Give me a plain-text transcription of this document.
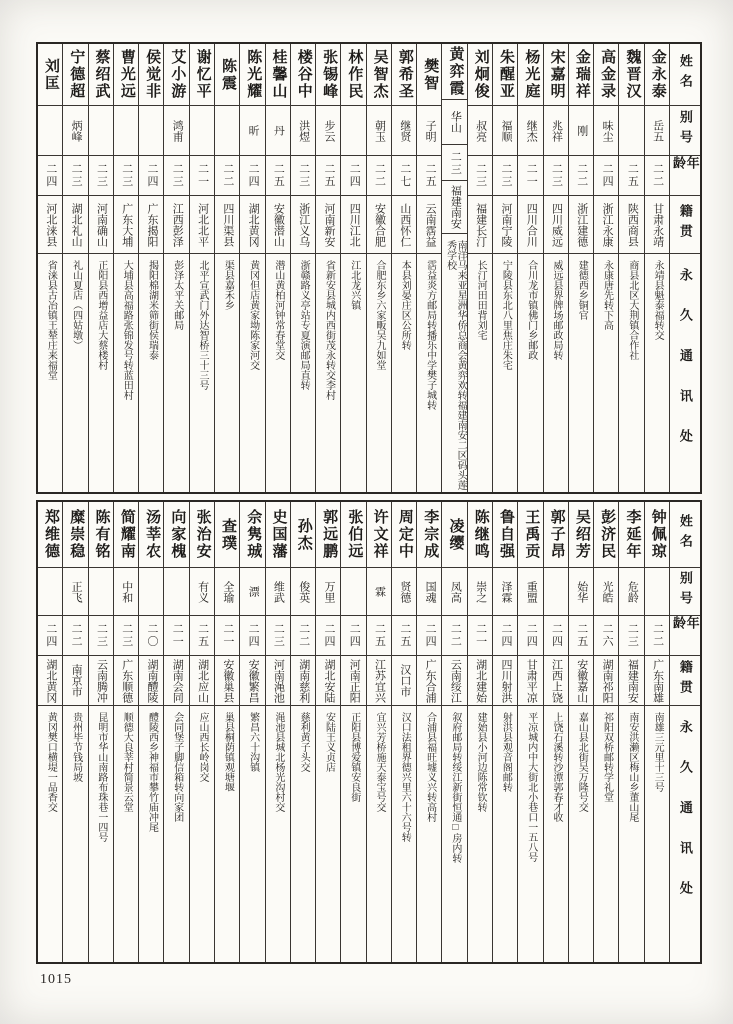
姓名
别号
年龄
籍贯
永久通讯处
金永泰
岳五
二二
甘肃永靖
永靖县魁泰福转交
魏晋汉
二五
陕西商县
商县北区大荆镇合作社
高金录
味尘
二四
浙江永康
永康唐先转下高
金瑞祥
刚
二二
浙江建德
建德西乡铜官
宋嘉明
兆祥
二三
四川威远
威远县界牌场邮政局转
杨光庭
继杰
二一
四川合川
合川龙市镇佛门乡邮政
朱醒亚
福顺
二三
河南宁陵
宁陵县东北八里焦庄朱宅
刘炯俊
叔亮
二三
福建长汀
长汀河田田背刘宅
黄弈霞
华山
二三
福建南安
南洋马来亚星洲华侨总商会黄弈欢转福建南安二区码头莲秀学校
樊智
子明
二五
云南霑益
霑益炎方邮局转播乐中学樊子城转
郭希圣
继贤
二七
山西怀仁
本县刘晏庄区公所转
吴智杰
朝玉
二二
安徽合肥
合肥东乡六家畈吴九如堂
林作民
二四
四川江北
江北龙兴镇
张锡峰
步云
二五
河南新安
省新安县城内西街茂永转交李村
楼谷中
洪煜
二三
浙江义乌
浙赣路义亭站专夏演邮局直转
桂馨山
丹
二五
安徽潜山
潜山黄柏河钟常春堂交
陈光耀
昕
二四
湖北黄冈
黄冈但店黄家坳陈家河交
陈震
二二
四川渠县
渠县嘉禾乡
谢忆平
二一
河北北平
北平宣武门外达智桥三十三号
艾小游
鸿甫
二三
江西彭泽
彭泽太平关邮局
侯觉非
二四
广东揭阳
揭阳棉湖米筛街侯瑞泰
曹光远
二三
广东大埔
大埔县高福路张锦发号转蓝田村
蔡绍武
二三
河南确山
正阳县西增益店大蔡楼村
宁德超
炳峰
二三
湖北礼山
礼山夏店（四姑墩）
刘匡
二四
河北涞县
省涞县古冶镇王辇庄来福堂
姓名
别号
年龄
籍贯
永久通讯处
钟佩琼
二二
广东南雄
南雄三元里十三号
李延年
危龄
二三
福建南安
南安洪濑区梅山乡董山尾
彭济民
光皓
二六
湖南祁阳
祁阳双桥邮转学礼堂
吴绍芳
始华
二五
安徽嘉山
嘉山县北街吴万隆号交
郭子昂
二四
江西上饶
上饶石溪转沙潭郭春才收
王禹贡
重盟
二四
甘肃平凉
平凉城内中大街北小巷口一五八号
鲁自强
泽霖
二四
四川射洪
射洪县观音阁邮转
陈继鸣
崇之
二一
湖北建始
建始县小河边陈常钦转
凌缨
凤高
二二
云南绥江
叙府邮局转绥江新街恒通□房内转
李宗成
国魂
二四
广东合浦
合浦县福旺墟义兴转高村
周定中
贤德
二五
汉口市
汉口法租界德兴里六十六号转
许文祥
霖
二五
江苏宜兴
宜兴芳桥施天泰宝号交
张伯远
二四
河南正阳
正阳县博爱镇安良街
郭远鹏
万里
二四
湖北安陆
安陆王义贞店
孙杰
俊英
二二
湖南慈利
慈利黄子头交
史国藩
维武
二三
河南渑池
渑池县城北杨光沟村交
佘隽珹
漂
二四
安徽繁昌
繁昌六十沟镇
查璞
全瑜
二一
安徽巢县
巢县桐荫镇观塘堰
张治安
有义
二五
湖北应山
应山西长岭岗交
向家槐
二一
湖南会同
会同堡子脚信箱转向家团
汤莘农
二〇
湖南醴陵
醴陵西乡神福市攀竹庙冲尾
简耀南
中和
二三
广东顺德
顺德大良莘村简景云堂
陈有铭
二三
云南腾冲
昆明市华山南路布珠巷一四号
糜崇稳
正飞
二二
南京市
贵州毕节钱局坡
郑维德
二四
湖北黄冈
黄冈樊口横堤一品香交
1015
